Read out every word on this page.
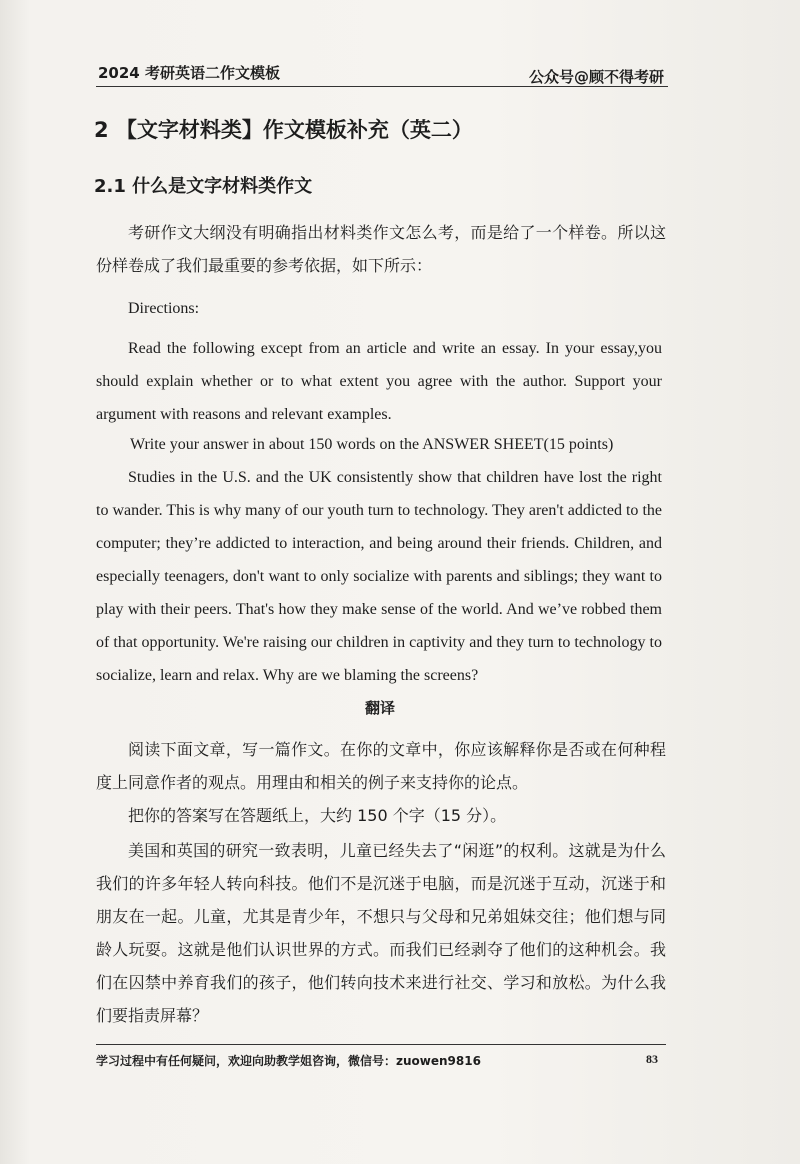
2024 考研英语二作文模板	公众号@顾不得考研
2 【文字材料类】作文模板补充（英二）
2.1 什么是文字材料类作文

考研作文大纲没有明确指出材料类作文怎么考，而是给了一个样卷。所以这份样卷成了我们最重要的参考依据，如下所示：

Directions:

Read the following except from an article and write an essay. In your essay,you should explain whether or to what extent you agree with the author. Support your argument with reasons and relevant examples.

Write your answer in about 150 words on the ANSWER SHEET(15 points)

Studies in the U.S. and the UK consistently show that children have lost the right to wander. This is why many of our youth turn to technology. They aren't addicted to the computer; they’re addicted to interaction, and being around their friends. Children, and especially teenagers, don't want to only socialize with parents and siblings; they want to play with their peers. That's how they make sense of the world. And we’ve robbed them of that opportunity. We're raising our children in captivity and they turn to technology to socialize, learn and relax. Why are we blaming the screens?

翻译

阅读下面文章，写一篇作文。在你的文章中，你应该解释你是否或在何种程度上同意作者的观点。用理由和相关的例子来支持你的论点。

把你的答案写在答题纸上，大约 150 个字（15 分）。

美国和英国的研究一致表明，儿童已经失去了“闲逛”的权利。这就是为什么我们的许多年轻人转向科技。他们不是沉迷于电脑，而是沉迷于互动，沉迷于和朋友在一起。儿童，尤其是青少年，不想只与父母和兄弟姐妹交往；他们想与同龄人玩耍。这就是他们认识世界的方式。而我们已经剥夺了他们的这种机会。我们在囚禁中养育我们的孩子，他们转向技术来进行社交、学习和放松。为什么我们要指责屏幕？

学习过程中有任何疑问，欢迎向助教学姐咨询，微信号：zuowen9816	83
